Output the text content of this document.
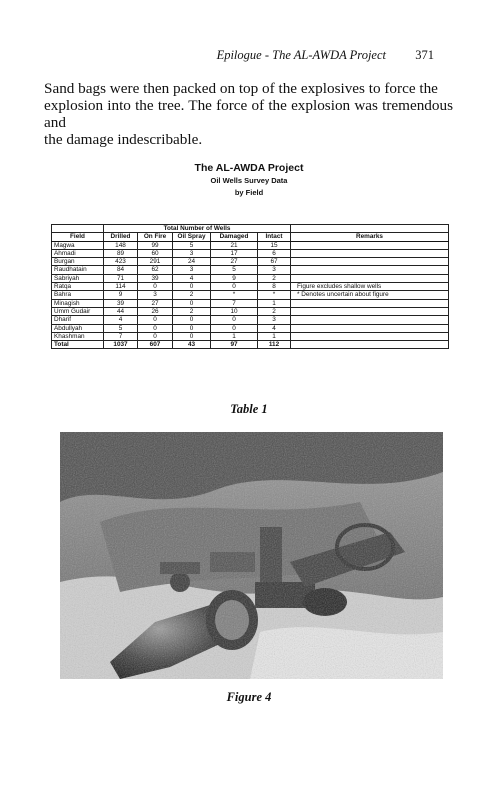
Epilogue - The AL-AWDA Project 371
Sand bags were then packed on top of the explosives to force the
explosion into the tree. The force of the explosion was tremendous and
the damage indescribable.
The AL-AWDA Project
Oil Wells Survey Data
by Field
	Total Number of Wells					
Field	Drilled	On Fire	Oil Spray	Damaged	Intact	Remarks
Magwa	148	99	5	21	15	
Ahmadi	89	60	3	17	6	
Burgan	423	291	24	27	67	
Raudhatain	84	62	3	5	3	
Sabriyah	71	39	4	9	2	
Ratqa	114	0	0	0	8	Figure excludes shallow wells
Bahra	9	3	2	*	*	* Denotes uncertain about figure
Minagish	39	27	0	7	1	
Umm Gudair	44	26	2	10	2	
Dharif	4	0	0	0	3	
Abdullyah	5	0	0	0	4	
Khashman	7	0	0	1	1	
Total	1037	607	43	97	112	
Table 1
Figure 4
